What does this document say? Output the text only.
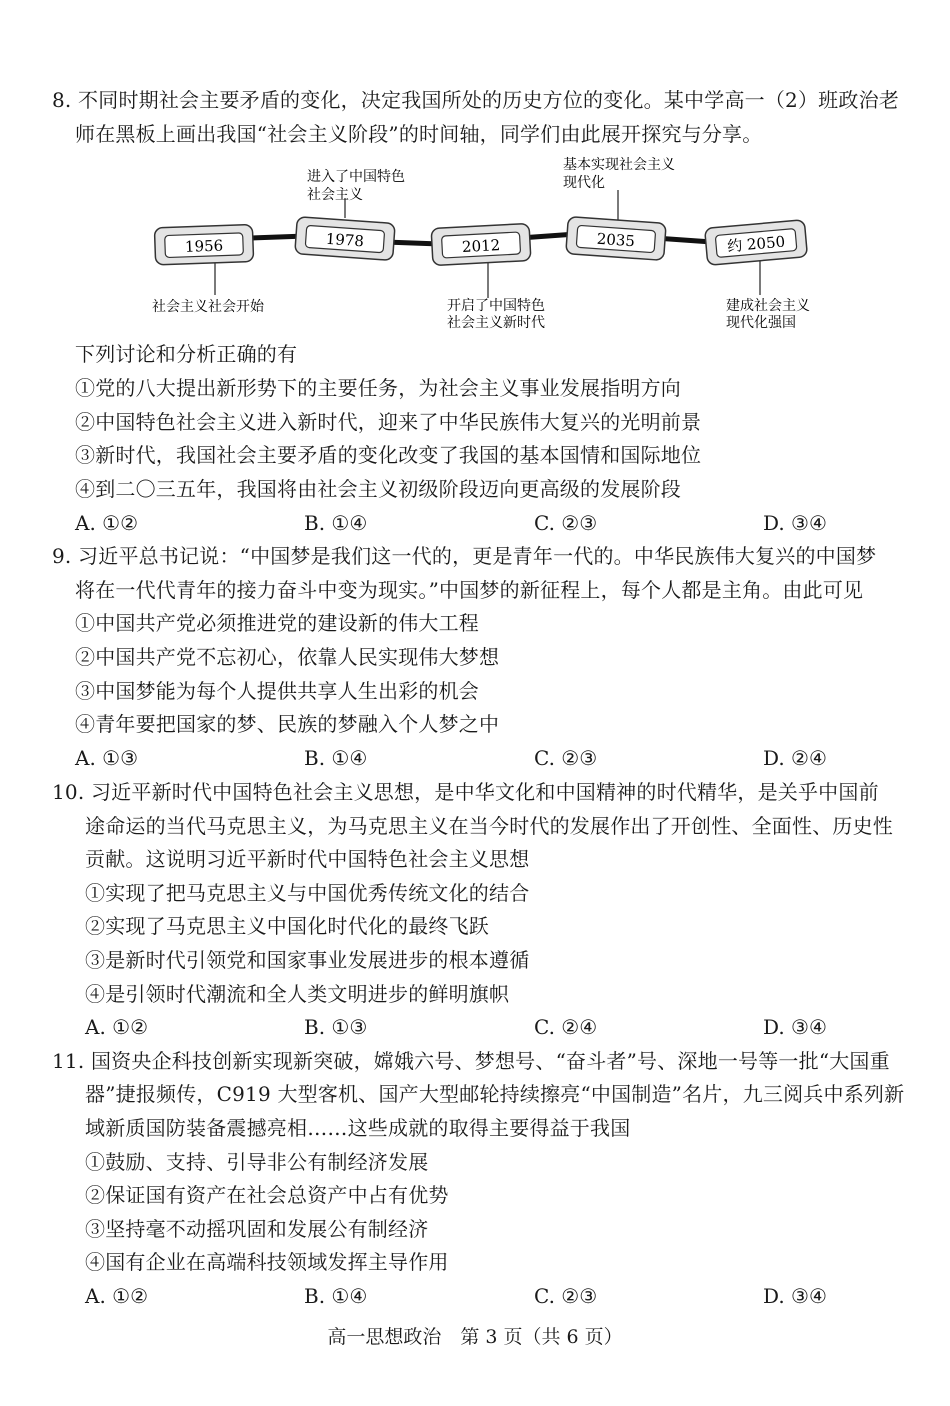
8. 不同时期社会主要矛盾的变化，决定我国所处的历史方位的变化。某中学高一（2）班政治老
师在黑板上画出我国“社会主义阶段”的时间轴，同学们由此展开探究与分享。
1956	1978	2012	2035	约 2050
社会主义社会开始
进入了中国特色
社会主义
开启了中国特色
社会主义新时代
基本实现社会主义
现代化
建成社会主义
现代化强国
下列讨论和分析正确的有
①党的八大提出新形势下的主要任务，为社会主义事业发展指明方向
②中国特色社会主义进入新时代，迎来了中华民族伟大复兴的光明前景
③新时代，我国社会主要矛盾的变化改变了我国的基本国情和国际地位
④到二〇三五年，我国将由社会主义初级阶段迈向更高级的发展阶段
A. ①②	B. ①④	C. ②③	D. ③④
9. 习近平总书记说：“中国梦是我们这一代的，更是青年一代的。中华民族伟大复兴的中国梦
将在一代代青年的接力奋斗中变为现实。”中国梦的新征程上，每个人都是主角。由此可见
①中国共产党必须推进党的建设新的伟大工程
②中国共产党不忘初心，依靠人民实现伟大梦想
③中国梦能为每个人提供共享人生出彩的机会
④青年要把国家的梦、民族的梦融入个人梦之中
A. ①③	B. ①④	C. ②③	D. ②④
10. 习近平新时代中国特色社会主义思想，是中华文化和中国精神的时代精华，是关乎中国前
途命运的当代马克思主义，为马克思主义在当今时代的发展作出了开创性、全面性、历史性
贡献。这说明习近平新时代中国特色社会主义思想
①实现了把马克思主义与中国优秀传统文化的结合
②实现了马克思主义中国化时代化的最终飞跃
③是新时代引领党和国家事业发展进步的根本遵循
④是引领时代潮流和全人类文明进步的鲜明旗帜
A. ①②	B. ①③	C. ②④	D. ③④
11. 国资央企科技创新实现新突破，嫦娥六号、梦想号、“奋斗者”号、深地一号等一批“大国重
器”捷报频传，C919 大型客机、国产大型邮轮持续擦亮“中国制造”名片，九三阅兵中系列新
域新质国防装备震撼亮相……这些成就的取得主要得益于我国
①鼓励、支持、引导非公有制经济发展
②保证国有资产在社会总资产中占有优势
③坚持毫不动摇巩固和发展公有制经济
④国有企业在高端科技领域发挥主导作用
A. ①②	B. ①④	C. ②③	D. ③④
高一思想政治　第 3 页（共 6 页）
